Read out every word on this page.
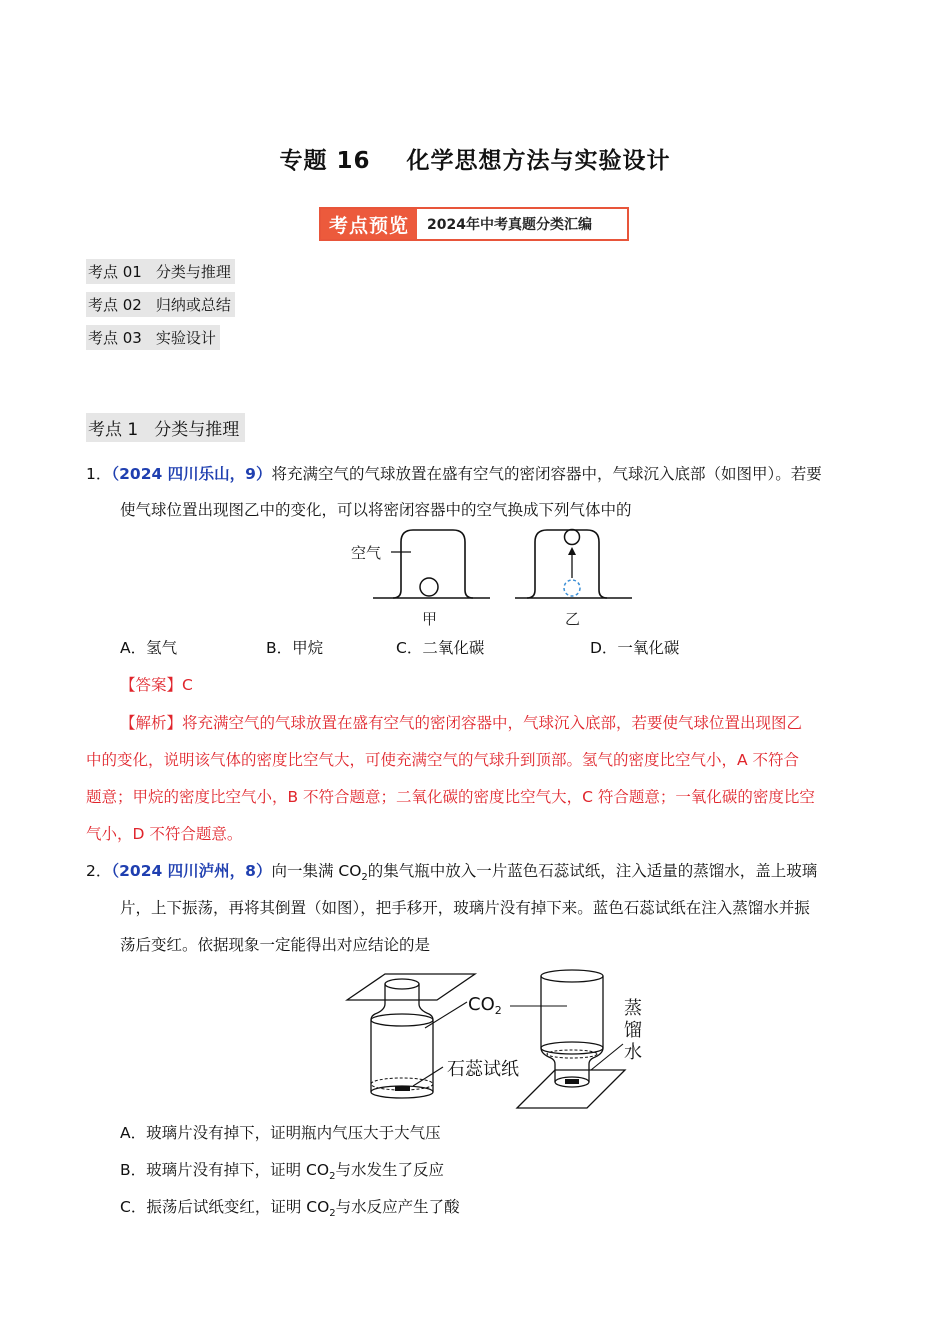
专题 16 化学思想方法与实验设计
考点预览	2024年中考真题分类汇编
考点 01 分类与推理
考点 02 归纳或总结
考点 03 实验设计
考点 1 分类与推理
1．（2024 四川乐山，9）将充满空气的气球放置在盛有空气的密闭容器中，气球沉入底部（如图甲）。若要
使气球位置出现图乙中的变化，可以将密闭容器中的空气换成下列气体中的
空气
甲	乙
A．氢气	B．甲烷	C．二氧化碳	D．一氧化碳
【答案】C
【解析】将充满空气的气球放置在盛有空气的密闭容器中，气球沉入底部，若要使气球位置出现图乙
中的变化，说明该气体的密度比空气大，可使充满空气的气球升到顶部。氢气的密度比空气小，A 不符合
题意；甲烷的密度比空气小，B 不符合题意；二氧化碳的密度比空气大，C 符合题意；一氧化碳的密度比空
气小，D 不符合题意。
2．（2024 四川泸州，8）向一集满 $CO_2$的集气瓶中放入一片蓝色石蕊试纸，注入适量的蒸馏水，盖上玻璃
片，上下振荡，再将其倒置（如图），把手移开，玻璃片没有掉下来。蓝色石蕊试纸在注入蒸馏水并振
荡后变红。依据现象一定能得出对应结论的是
$CO_2$
石蕊试纸
蒸
馏
水
A．玻璃片没有掉下，证明瓶内气压大于大气压
B．玻璃片没有掉下，证明 $CO_2$与水发生了反应
C．振荡后试纸变红，证明 $CO_2$与水反应产生了酸
